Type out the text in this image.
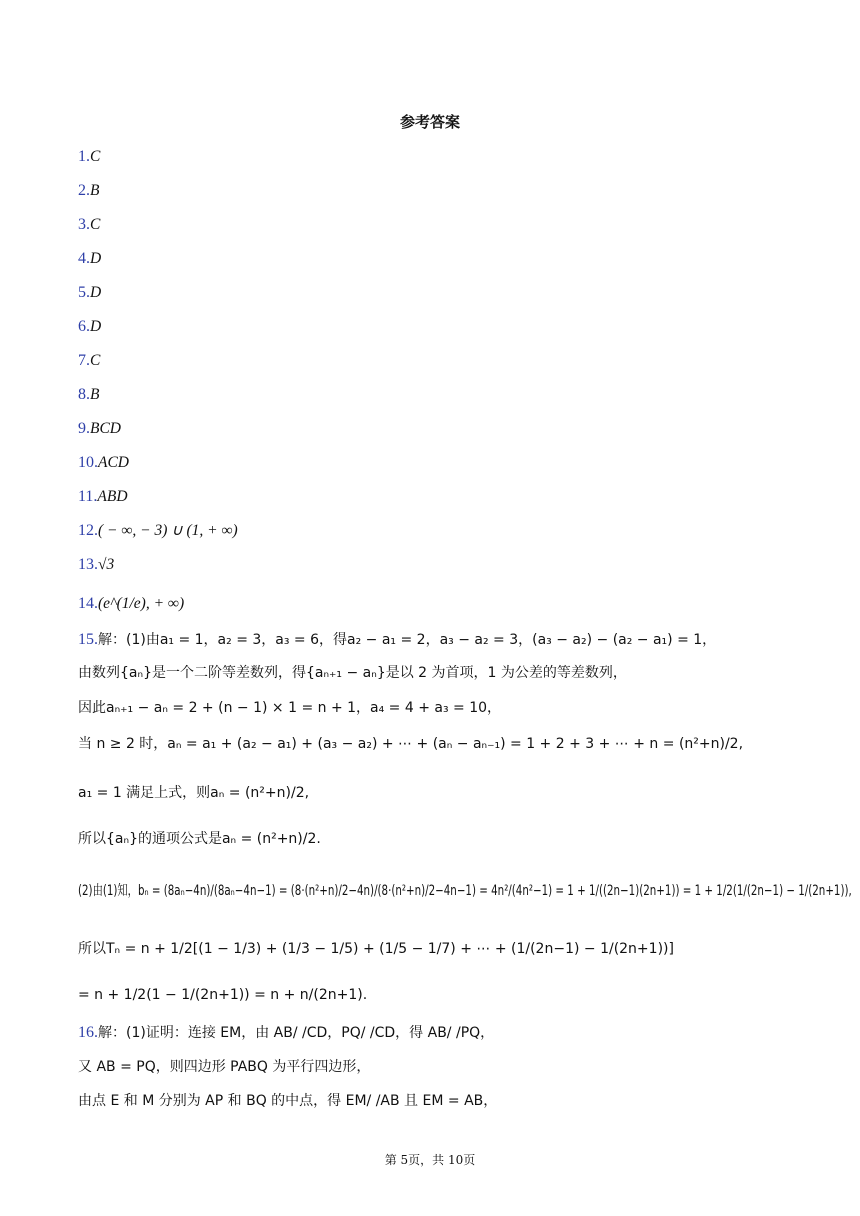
参考答案
1.C
2.B
3.C
4.D
5.D
6.D
7.C
8.B
9.BCD
10.ACD
11.ABD
12.( − ∞, − 3) ∪ (1, + ∞)
13.√3
14.(e^(1/e), + ∞)
15.解：(1)由a₁ = 1，a₂ = 3，a₃ = 6，得a₂ − a₁ = 2，a₃ − a₂ = 3，(a₃ − a₂) − (a₂ − a₁) = 1，
由数列{aₙ}是一个二阶等差数列，得{aₙ₊₁ − aₙ}是以 2 为首项，1 为公差的等差数列，
因此aₙ₊₁ − aₙ = 2 + (n − 1) × 1 = n + 1，a₄ = 4 + a₃ = 10，
当 n ≥ 2 时，aₙ = a₁ + (a₂ − a₁) + (a₃ − a₂) + ⋯ + (aₙ − aₙ₋₁) = 1 + 2 + 3 + ⋯ + n = (n²+n)/2,
a₁ = 1 满足上式，则aₙ = (n²+n)/2,
所以{aₙ}的通项公式是aₙ = (n²+n)/2.
(2)由(1)知，bₙ = (8aₙ−4n)/(8aₙ−4n−1) = (8·(n²+n)/2−4n)/(8·(n²+n)/2−4n−1) = 4n²/(4n²−1) = 1 + 1/((2n−1)(2n+1)) = 1 + 1/2(1/(2n−1) − 1/(2n+1)),
所以Tₙ = n + 1/2[(1 − 1/3) + (1/3 − 1/5) + (1/5 − 1/7) + ⋯ + (1/(2n−1) − 1/(2n+1))]
= n + 1/2(1 − 1/(2n+1)) = n + n/(2n+1).
16.解：(1)证明：连接 EM，由 AB/ /CD，PQ/ /CD，得 AB/ /PQ，
又 AB = PQ，则四边形 PABQ 为平行四边形，
由点 E 和 M 分别为 AP 和 BQ 的中点，得 EM/ /AB 且 EM = AB，
第 5页，共 10页
